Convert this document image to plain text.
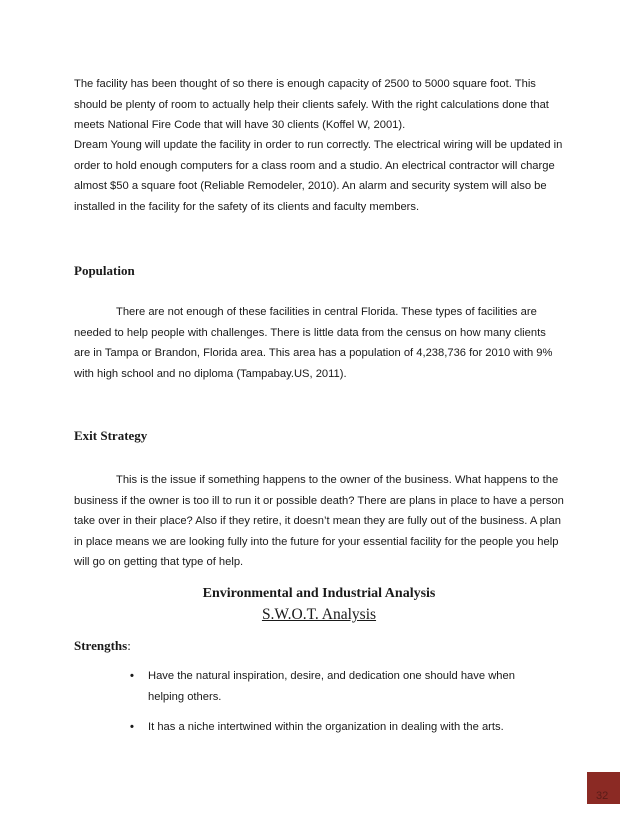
The facility has been thought of so there is enough capacity of 2500 to 5000 square foot. This should be plenty of room to actually help their clients safely. With the right calculations done that meets National Fire Code that will have 30 clients (Koffel W, 2001).

Dream Young will update the facility in order to run correctly. The electrical wiring will be updated in order to hold enough computers for a class room and a studio. An electrical contractor will charge almost $50 a square foot (Reliable Remodeler, 2010). An alarm and security system will also be installed in the facility for the safety of its clients and faculty members.

Population

There are not enough of these facilities in central Florida. These types of facilities are needed to help people with challenges. There is little data from the census on how many clients are in Tampa or Brandon, Florida area. This area has a population of 4,238,736 for 2010 with 9% with high school and no diploma (Tampabay.US, 2011).

Exit Strategy

This is the issue if something happens to the owner of the business. What happens to the business if the owner is too ill to run it or possible death? There are plans in place to have a person take over in their place? Also if they retire, it doesn’t mean they are fully out of the business. A plan in place means we are looking fully into the future for your essential facility for the people you help will go on getting that type of help.

Environmental and Industrial Analysis
S.W.O.T. Analysis
Strengths:
• Have the natural inspiration, desire, and dedication one should have when helping others.
• It has a niche intertwined within the organization in dealing with the arts.
32
